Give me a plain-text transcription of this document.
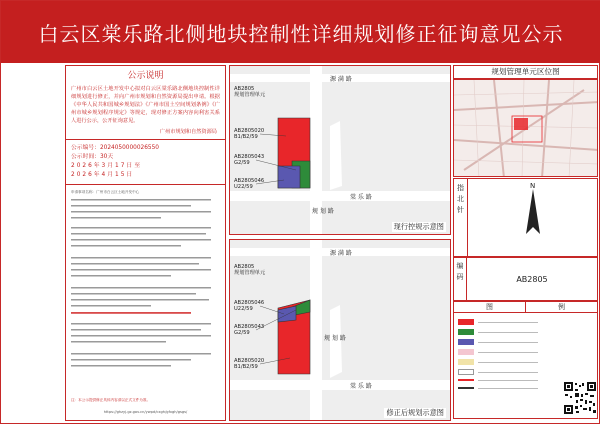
白云区棠乐路北侧地块控制性详细规划修正征询意见公示
公示说明
广州市白云区土地开发中心拟对白云区棠乐路北侧地块控制性详细规划进行修正，并向广州市规划和自然资源局提出申请。根据《中华人民共和国城乡规划法》《广州市国土空间规划条例》《广州市城乡规划程序规定》等规定，现对修正方案内容向利害关系人进行公示，公开征询意见。
广州市规划和自然资源局
公示编号：2024050000026550
公示时间：30天
2026年3月17日至
2026年4月15日
申请事项名称：广州市白云区土地开发中心
注：本公示提供修正具体内容请以正式文件为准。
https://ghzyj.gz.gov.cn/ywpd/cxgh/gfxgh/gsgs/
源 满 路
棠 乐 路
规 划 路
AB2805020
B1/B2/59
AB2805043
G2/59
AB2805046
U22/59
AB2805
规划管理单元
现行控规示意图
源 满 路
规 划 路
棠 乐 路
AB2805046
U22/59
AB2805043
G2/59
AB2805020
B1/B2/59
AB2805
规划管理单元
修正后规划示意图
规划管理单元区位图
指北针
N
编码	AB2805
图	例
